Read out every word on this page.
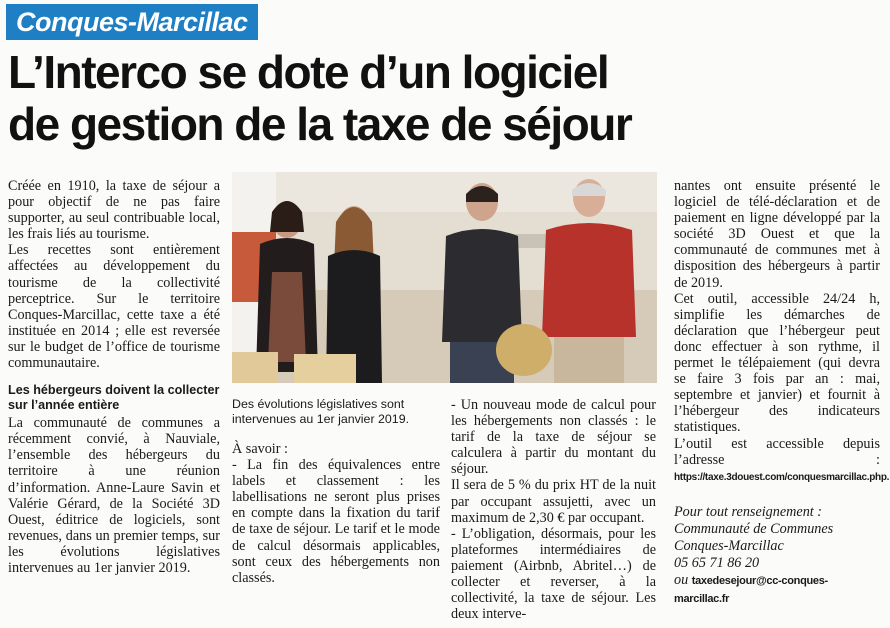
Conques-Marcillac
L’Interco se dote d’un logiciel
de gestion de la taxe de séjour

Créée en 1910, la taxe de séjour a pour objectif de ne pas faire supporter, au seul contribuable local, les frais liés au tourisme.

Les recettes sont entièrement affectées au développement du tourisme de la collectivité perceptrice. Sur le territoire Conques-Marcillac, cette taxe a été instituée en 2014 ; elle est reversée sur le budget de l’office de tourisme communautaire.

Les hébergeurs doivent la collecter sur l’année entière

La communauté de communes a récemment convié, à Nauviale, l’ensemble des hébergeurs du territoire à une réunion d’information. Anne-Laure Savin et Valérie Gérard, de la Société 3D Ouest, éditrice de logiciels, sont revenues, dans un premier temps, sur les évolutions législatives intervenues au 1er janvier 2019.

Des évolutions législatives sont intervenues au 1er janvier 2019.

À savoir :

- La fin des équivalences entre labels et classement : les labellisations ne seront plus prises en compte dans la fixation du tarif de taxe de séjour. Le tarif et le mode de calcul désormais applicables, sont ceux des hébergements non classés.

- Un nouveau mode de calcul pour les hébergements non classés : le tarif de la taxe de séjour se calculera à partir du montant du séjour.

Il sera de 5 % du prix HT de la nuit par occupant assujetti, avec un maximum de 2,30 € par occupant.

- L’obligation, désormais, pour les plateformes intermédiaires de paiement (Airbnb, Abritel…) de collecter et reverser, à la collectivité, la taxe de séjour. Les deux interve-

nantes ont ensuite présenté le logiciel de télé-déclaration et de paiement en ligne développé par la société 3D Ouest et que la communauté de communes met à disposition des hébergeurs à partir de 2019.

Cet outil, accessible 24/24 h, simplifie les démarches de déclaration que l’hébergeur peut donc effectuer à son rythme, il permet le télépaiement (qui devra se faire 3 fois par an : mai, septembre et janvier) et fournit à l’hébergeur des indicateurs statistiques.

L’outil est accessible depuis l’adresse : https://taxe.3douest.com/conquesmarcillac.php.

Pour tout renseignement :
Communauté de Communes
Conques-Marcillac
05 65 71 86 20
ou taxedesejour@cc-conques-marcillac.fr
